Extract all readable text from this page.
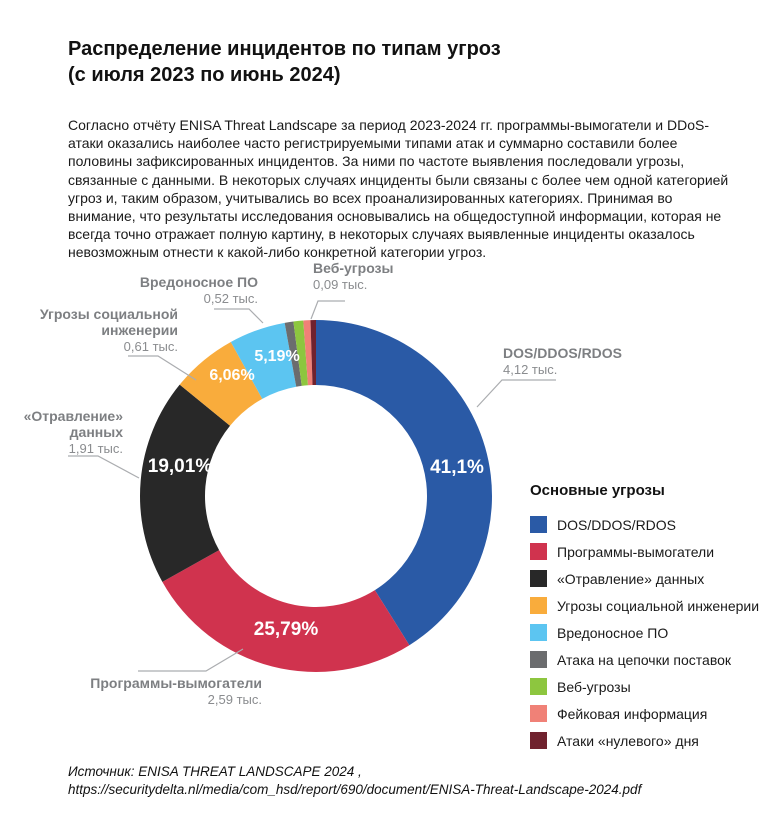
Распределение инцидентов по типам угроз
(с июля 2023 по июнь 2024)

Согласно отчёту ENISA Threat Landscape за период 2023-2024 гг. программы-вымогатели и DDoS-атаки оказались наиболее часто регистрируемыми типами атак и суммарно составили более половины зафиксированных инцидентов. За ними по частоте выявления последовали угрозы, связанные с данными. В некоторых случаях инциденты были связаны с более чем одной категорией угроз и, таким образом, учитывались во всех проанализированных категориях. Принимая во внимание, что результаты исследования основывались на общедоступной информации, которая не всегда точно отражает полную картину, в некоторых случаях выявленные инциденты оказалось невозможным отнести к какой-либо конкретной категории угроз.

41,1%
25,79%
19,01%
6,06%
5,19%
Веб-угрозы
0,09 тыс.
Вредоносное ПО
0,52 тыс.
Угрозы социальной инженерии
0,61 тыс.
«Отравление» данных
1,91 тыс.
DOS/DDOS/RDOS
4,12 тыс.
Программы-вымогатели
2,59 тыс.
Основные угрозы
DOS/DDOS/RDOS
Программы-вымогатели
«Отравление» данных
Угрозы социальной инженерии
Вредоносное ПО
Атака на цепочки поставок
Веб-угрозы
Фейковая информация
Атаки «нулевого» дня
Источник: ENISA THREAT LANDSCAPE 2024 ,
https://securitydelta.nl/media/com_hsd/report/690/document/ENISA-Threat-Landscape-2024.pdf
